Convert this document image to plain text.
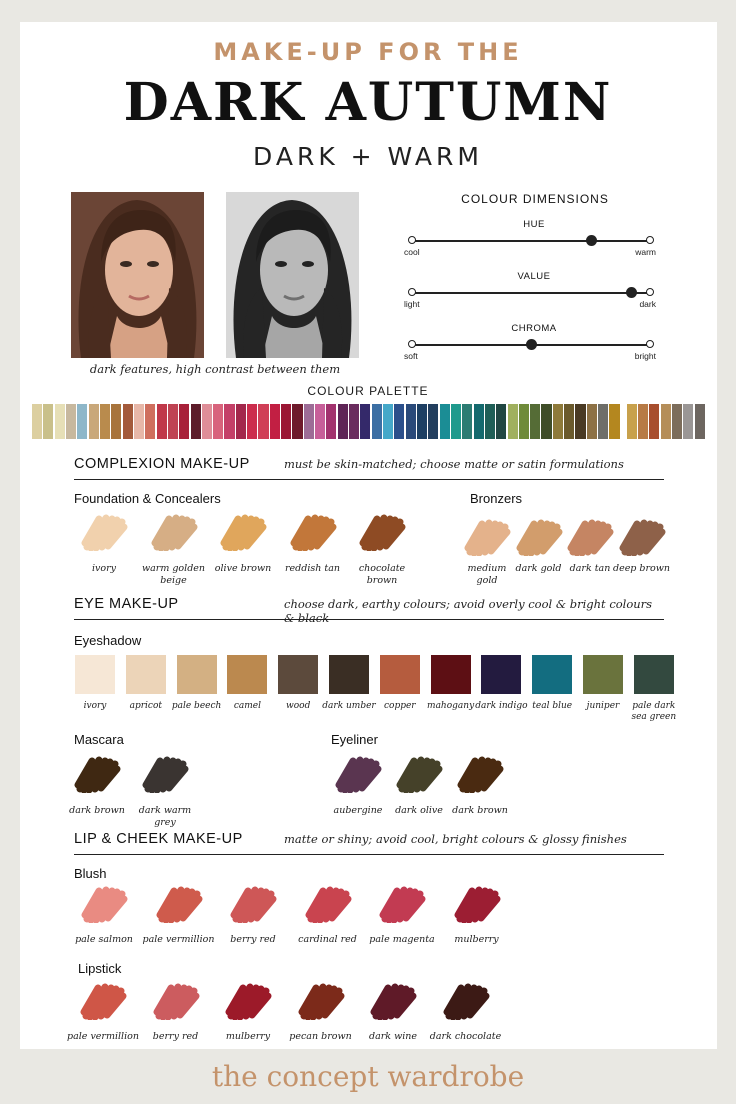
MAKE-UP FOR THE
DARK AUTUMN
DARK + WARM
dark features, high contrast between them
COLOUR DIMENSIONS
HUE
cool	warm
VALUE
light	dark
CHROMA
soft	bright
COLOUR PALETTE
COMPLEXION MAKE-UP	must be skin-matched; choose matte or satin formulations
Foundation & Concealers	Bronzers
ivory	warm golden beige
olive brown	reddish tan	chocolate brown
medium gold
dark gold dark tan deep brown
EYE MAKE-UP	choose dark, earthy colours; avoid overly cool & bright colours & black
Eyeshadow
ivory	apricot	pale beech	camel	wood	dark umber copper	mahogany dark indigo teal blue	juniper	pale dark sea green
Mascara	Eyeliner
dark brown	dark warm grey
aubergine	dark olive dark brown
LIP & CHEEK MAKE-UP	matte or shiny; avoid cool, bright colours & glossy finishes
Blush
pale salmon	pale vermillion	berry red	cardinal red	pale magenta	mulberry
Lipstick
pale vermillion	berry red	mulberry	pecan brown	dark wine	dark chocolate
the concept wardrobe
